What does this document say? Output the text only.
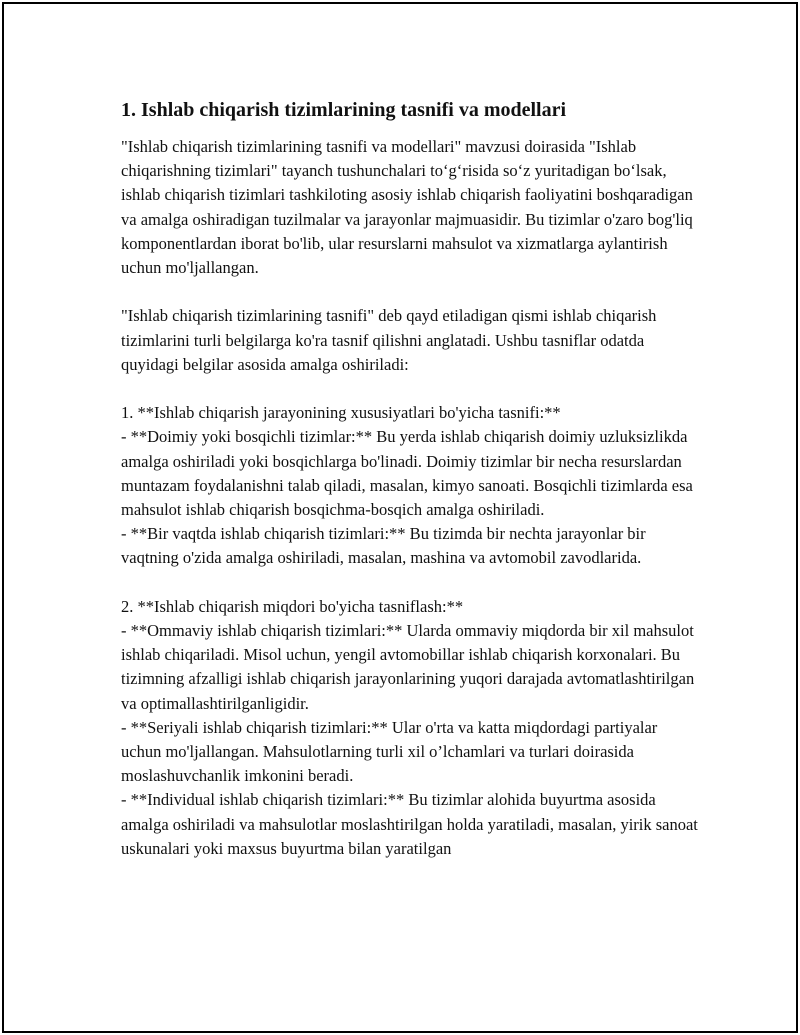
1. Ishlab chiqarish tizimlarining tasnifi va modellari

"Ishlab chiqarish tizimlarining tasnifi va modellari" mavzusi doirasida "Ishlab chiqarishning tizimlari" tayanch tushunchalari to‘g‘risida so‘z yuritadigan bo‘lsak, ishlab chiqarish tizimlari tashkiloting asosiy ishlab chiqarish faoliyatini boshqaradigan va amalga oshiradigan tuzilmalar va jarayonlar majmuasidir. Bu tizimlar o'zaro bog'liq komponentlardan iborat bo'lib, ular resurslarni mahsulot va xizmatlarga aylantirish uchun mo'ljallangan.

"Ishlab chiqarish tizimlarining tasnifi" deb qayd etiladigan qismi ishlab chiqarish tizimlarini turli belgilarga ko'ra tasnif qilishni anglatadi. Ushbu tasniflar odatda quyidagi belgilar asosida amalga oshiriladi:

1. **Ishlab chiqarish jarayonining xususiyatlari bo'yicha tasnifi:**
- **Doimiy yoki bosqichli tizimlar:** Bu yerda ishlab chiqarish doimiy uzluksizlikda amalga oshiriladi yoki bosqichlarga bo'linadi. Doimiy tizimlar bir necha resurslardan muntazam foydalanishni talab qiladi, masalan, kimyo sanoati. Bosqichli tizimlarda esa mahsulot ishlab chiqarish bosqichma-bosqich amalga oshiriladi.
- **Bir vaqtda ishlab chiqarish tizimlari:** Bu tizimda bir nechta jarayonlar bir vaqtning o'zida amalga oshiriladi, masalan, mashina va avtomobil zavodlarida.

2. **Ishlab chiqarish miqdori bo'yicha tasniflash:**
- **Ommaviy ishlab chiqarish tizimlari:** Ularda ommaviy miqdorda bir xil mahsulot ishlab chiqariladi. Misol uchun, yengil avtomobillar ishlab chiqarish korxonalari. Bu tizimning afzalligi ishlab chiqarish jarayonlarining yuqori darajada avtomatlashtirilgan va optimallashtirilganligidir.
- **Seriyali ishlab chiqarish tizimlari:** Ular o'rta va katta miqdordagi partiyalar uchun mo'ljallangan. Mahsulotlarning turli xil o’lchamlari va turlari doirasida moslashuvchanlik imkonini beradi.
- **Individual ishlab chiqarish tizimlari:** Bu tizimlar alohida buyurtma asosida amalga oshiriladi va mahsulotlar moslashtirilgan holda yaratiladi, masalan, yirik sanoat uskunalari yoki maxsus buyurtma bilan yaratilgan
